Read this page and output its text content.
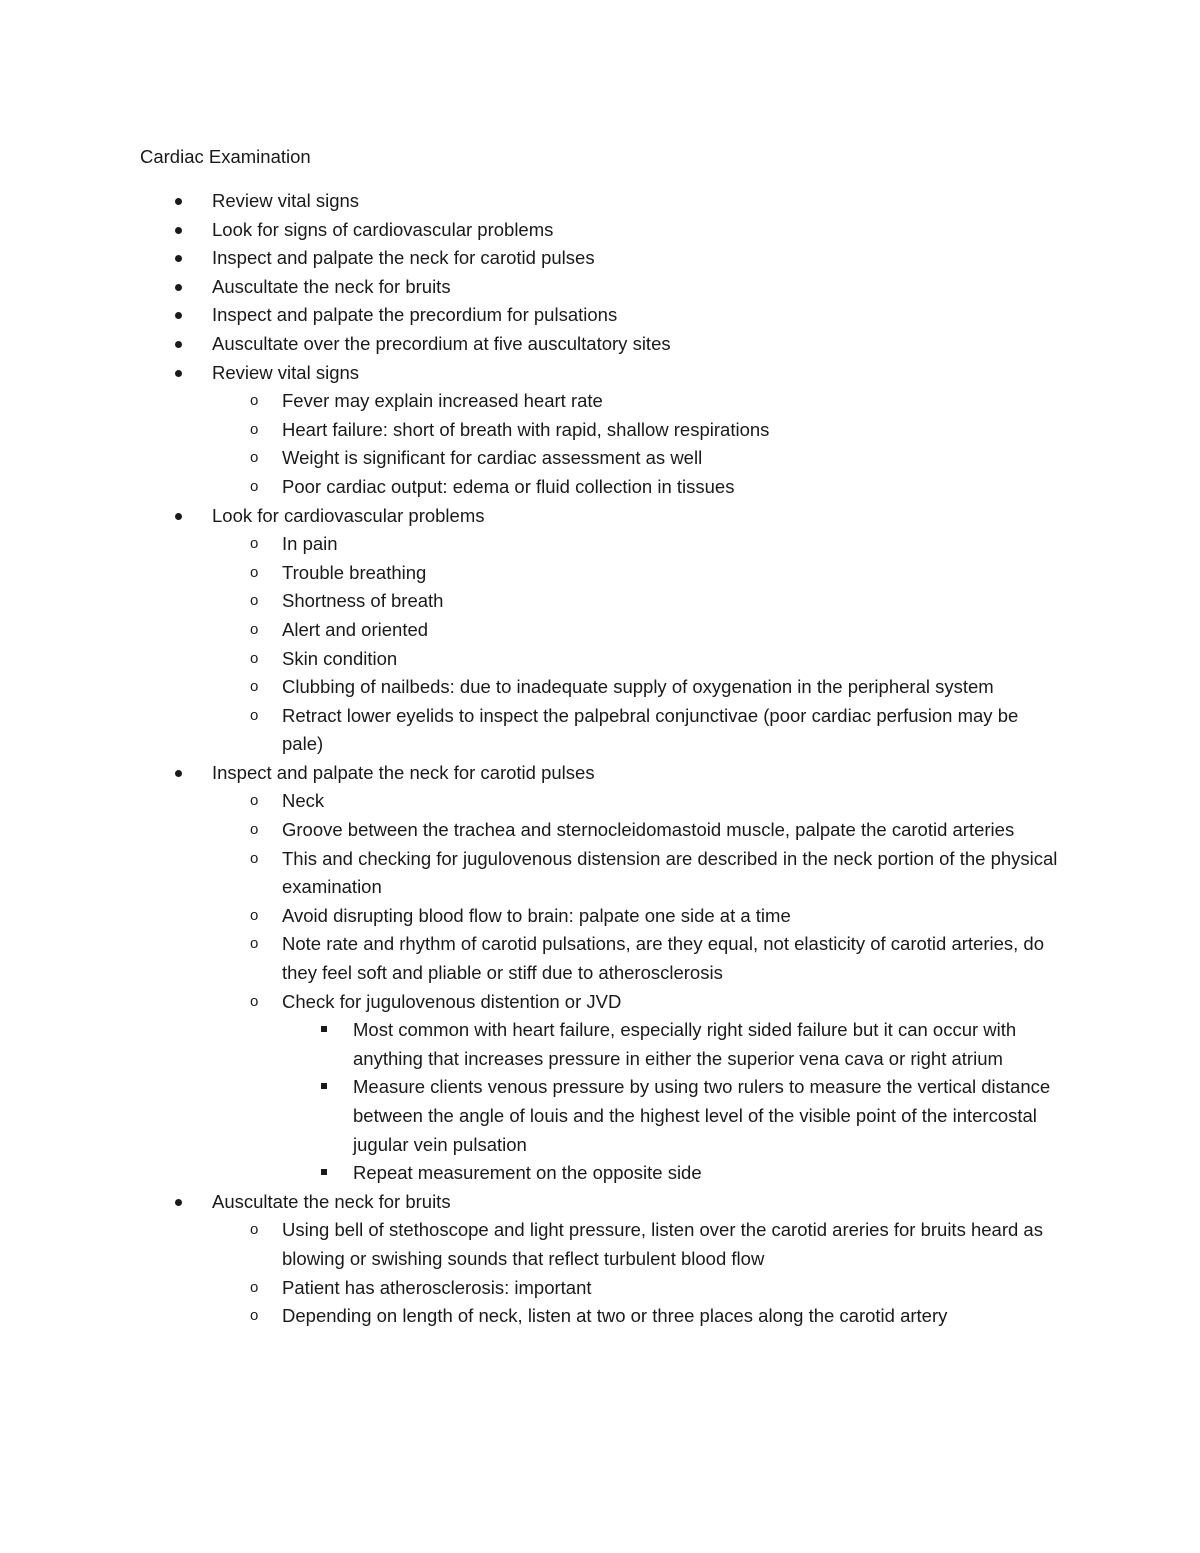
Cardiac Examination
Review vital signs
Look for signs of cardiovascular problems
Inspect and palpate the neck for carotid pulses
Auscultate the neck for bruits
Inspect and palpate the precordium for pulsations
Auscultate over the precordium at five auscultatory sites
Review vital signs
o Fever may explain increased heart rate
o Heart failure: short of breath with rapid, shallow respirations
o Weight is significant for cardiac assessment as well
o Poor cardiac output: edema or fluid collection in tissues
Look for cardiovascular problems
o In pain
o Trouble breathing
o Shortness of breath
o Alert and oriented
o Skin condition
o Clubbing of nailbeds: due to inadequate supply of oxygenation in the peripheral system
o Retract lower eyelids to inspect the palpebral conjunctivae (poor cardiac perfusion may be pale)
Inspect and palpate the neck for carotid pulses
o Neck
o Groove between the trachea and sternocleidomastoid muscle, palpate the carotid arteries
o This and checking for jugulovenous distension are described in the neck portion of the physical examination
o Avoid disrupting blood flow to brain: palpate one side at a time
o Note rate and rhythm of carotid pulsations, are they equal, not elasticity of carotid arteries, do they feel soft and pliable or stiff due to atherosclerosis
o Check for jugulovenous distention or JVD
Most common with heart failure, especially right sided failure but it can occur with anything that increases pressure in either the superior vena cava or right atrium
Measure clients venous pressure by using two rulers to measure the vertical distance between the angle of louis and the highest level of the visible point of the intercostal jugular vein pulsation
Repeat measurement on the opposite side
Auscultate the neck for bruits
o Using bell of stethoscope and light pressure, listen over the carotid areries for bruits heard as blowing or swishing sounds that reflect turbulent blood flow
o Patient has atherosclerosis: important
o Depending on length of neck, listen at two or three places along the carotid artery
